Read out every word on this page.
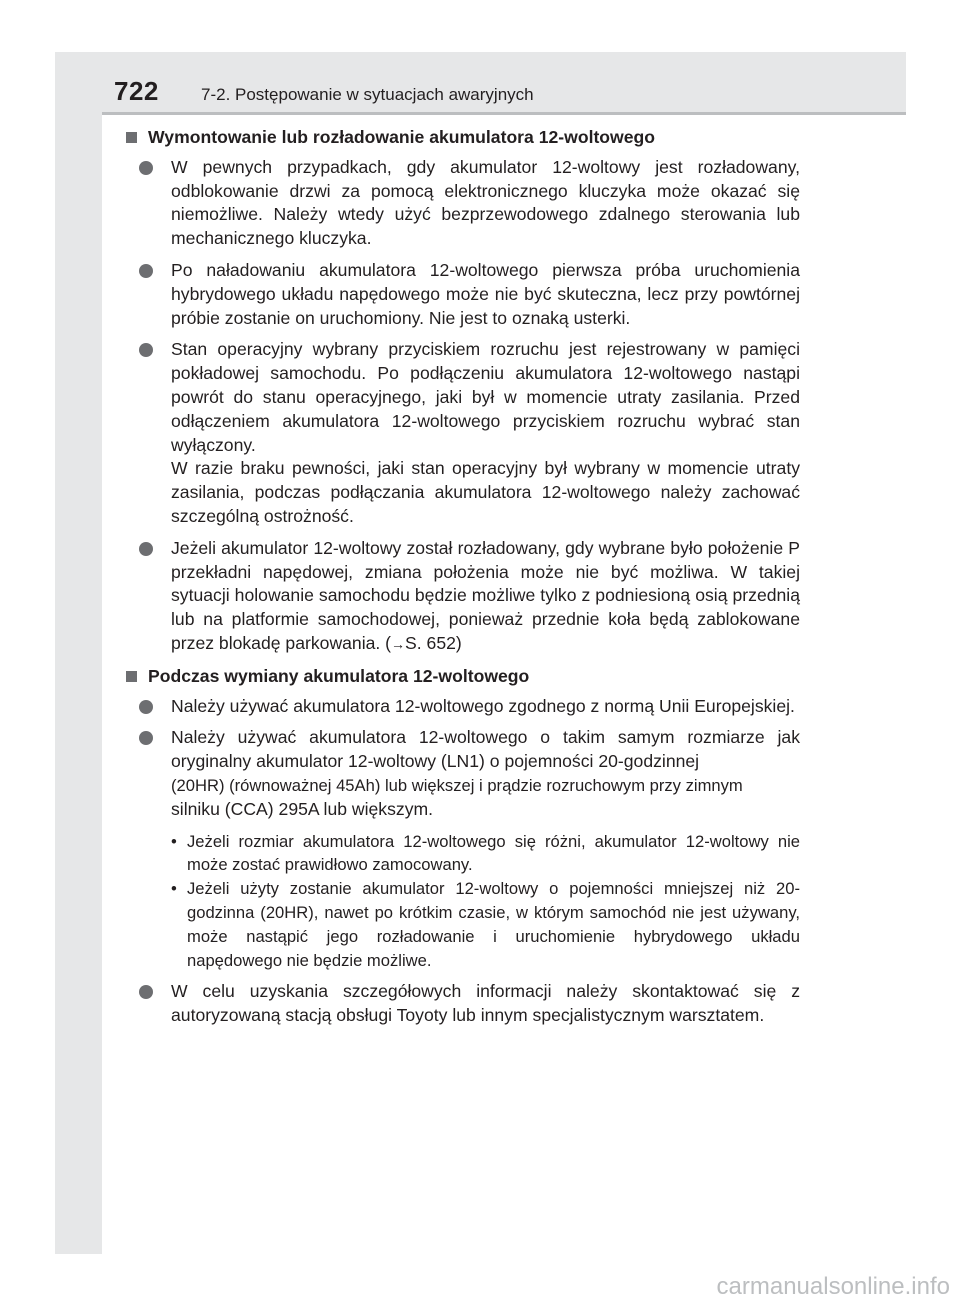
722 7-2. Postępowanie w sytuacjach awaryjnych
Wymontowanie lub rozładowanie akumulatora 12-woltowego
W pewnych przypadkach, gdy akumulator 12-woltowy jest rozładowany, odblokowanie drzwi za pomocą elektronicznego kluczyka może okazać się niemożliwe. Należy wtedy użyć bezprzewodowego zdalnego sterowania lub mechanicznego kluczyka.
Po naładowaniu akumulatora 12-woltowego pierwsza próba uruchomienia hybrydowego układu napędowego może nie być skuteczna, lecz przy powtórnej próbie zostanie on uruchomiony. Nie jest to oznaką usterki.
Stan operacyjny wybrany przyciskiem rozruchu jest rejestrowany w pamięci pokładowej samochodu. Po podłączeniu akumulatora 12-woltowego nastąpi powrót do stanu operacyjnego, jaki był w momencie utraty zasilania. Przed odłączeniem akumulatora 12-woltowego przyciskiem rozruchu wybrać stan wyłączony.
W razie braku pewności, jaki stan operacyjny był wybrany w momencie utraty zasilania, podczas podłączania akumulatora 12-woltowego należy zachować szczególną ostrożność.
Jeżeli akumulator 12-woltowy został rozładowany, gdy wybrane było położenie P przekładni napędowej, zmiana położenia może nie być możliwa. W takiej sytuacji holowanie samochodu będzie możliwe tylko z podniesioną osią przednią lub na platformie samochodowej, ponieważ przednie koła będą zablokowane przez blokadę parkowania. (→S. 652)
Podczas wymiany akumulatora 12-woltowego
Należy używać akumulatora 12-woltowego zgodnego z normą Unii Europejskiej.
Należy używać akumulatora 12-woltowego o takim samym rozmiarze jak oryginalny akumulator 12-woltowy (LN1) o pojemności 20-godzinnej
(20HR) (równoważnej 45Ah) lub większej i prądzie rozruchowym przy zimnym
silniku (CCA) 295A lub większym.
• Jeżeli rozmiar akumulatora 12-woltowego się różni, akumulator 12-woltowy nie może zostać prawidłowo zamocowany.
• Jeżeli użyty zostanie akumulator 12-woltowy o pojemności mniejszej niż 20-godzinna (20HR), nawet po krótkim czasie, w którym samochód nie jest używany, może nastąpić jego rozładowanie i uruchomienie hybrydowego układu napędowego nie będzie możliwe.
W celu uzyskania szczegółowych informacji należy skontaktować się z autoryzowaną stacją obsługi Toyoty lub innym specjalistycznym warsztatem.
carmanualsonline.info
